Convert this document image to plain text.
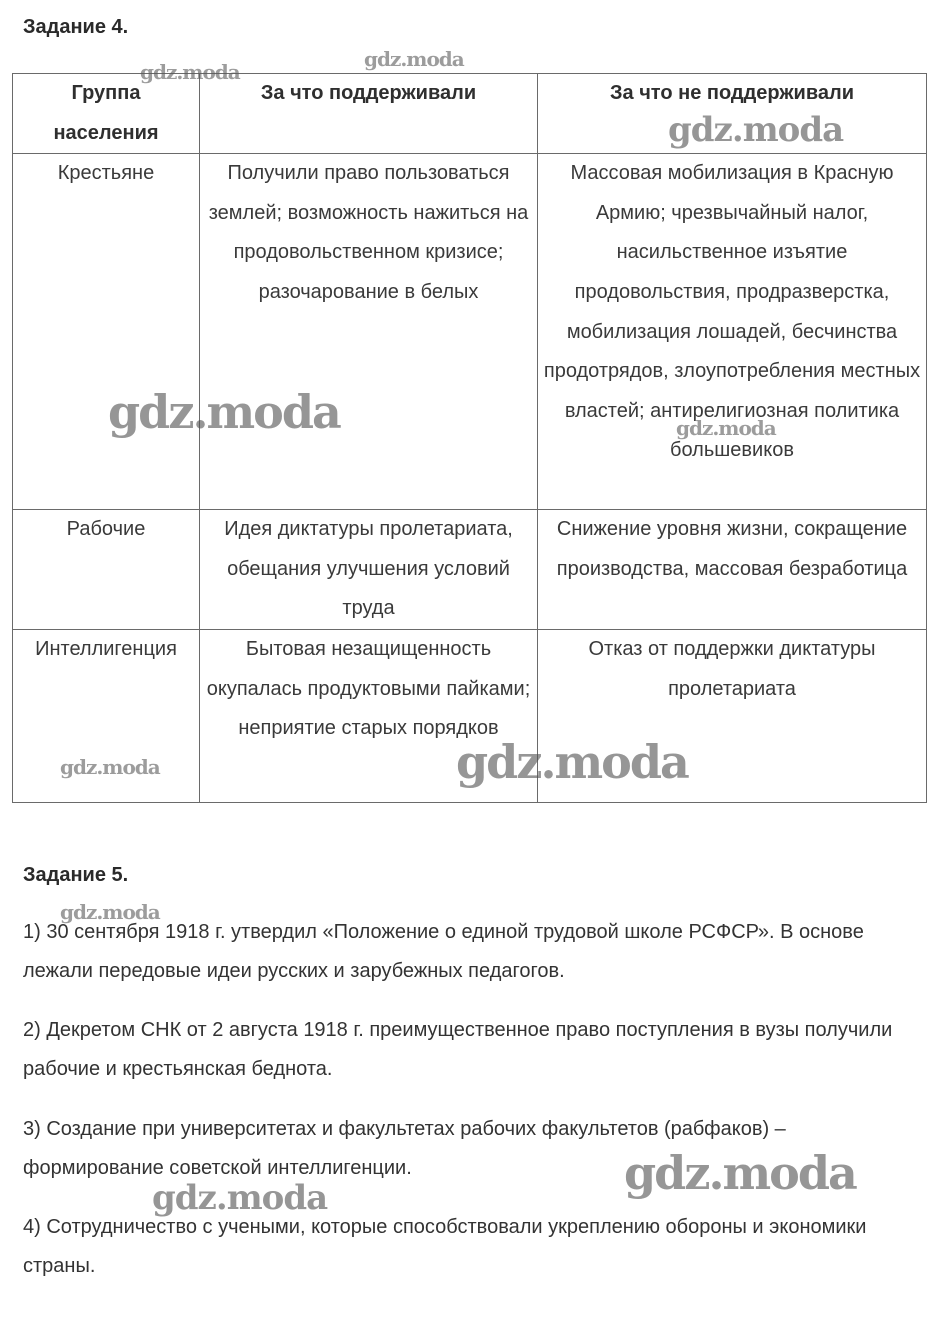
Задание 4.
Группа населения	За что поддерживали	За что не поддерживали

Крестьяне	Получили право пользоваться землей; возможность нажиться на продовольственном кризисе; разочарование в белых	Массовая мобилизация в Красную Армию; чрезвычайный налог, насильственное изъятие продовольствия, продразверстка, мобилизация лошадей, бесчинства продотрядов, злоупотребления местных властей; антирелигиозная политика большевиков

Рабочие	Идея диктатуры пролетариата, обещания улучшения условий труда	Снижение уровня жизни, сокращение производства, массовая безработица

Интеллигенция	Бытовая незащищенность окупалась продуктовыми пайками; неприятие старых порядков	Отказ от поддержки диктатуры пролетариата
Задание 5.

1) 30 сентября 1918 г. утвердил «Положение о единой трудовой школе РСФСР». В основе лежали передовые идеи русских и зарубежных педагогов.

2) Декретом СНК от 2 августа 1918 г. преимущественное право поступления в вузы получили рабочие и крестьянская беднота.

3) Создание при университетах и факультетах рабочих факультетов (рабфаков) – формирование советской интеллигенции.

4) Сотрудничество с учеными, которые способствовали укреплению обороны и экономики страны.

gdz.moda
gdz.moda
gdz.moda
gdz.moda	gdz.moda
gdz.moda	gdz.moda
gdz.moda
gdz.moda
gdz.moda
